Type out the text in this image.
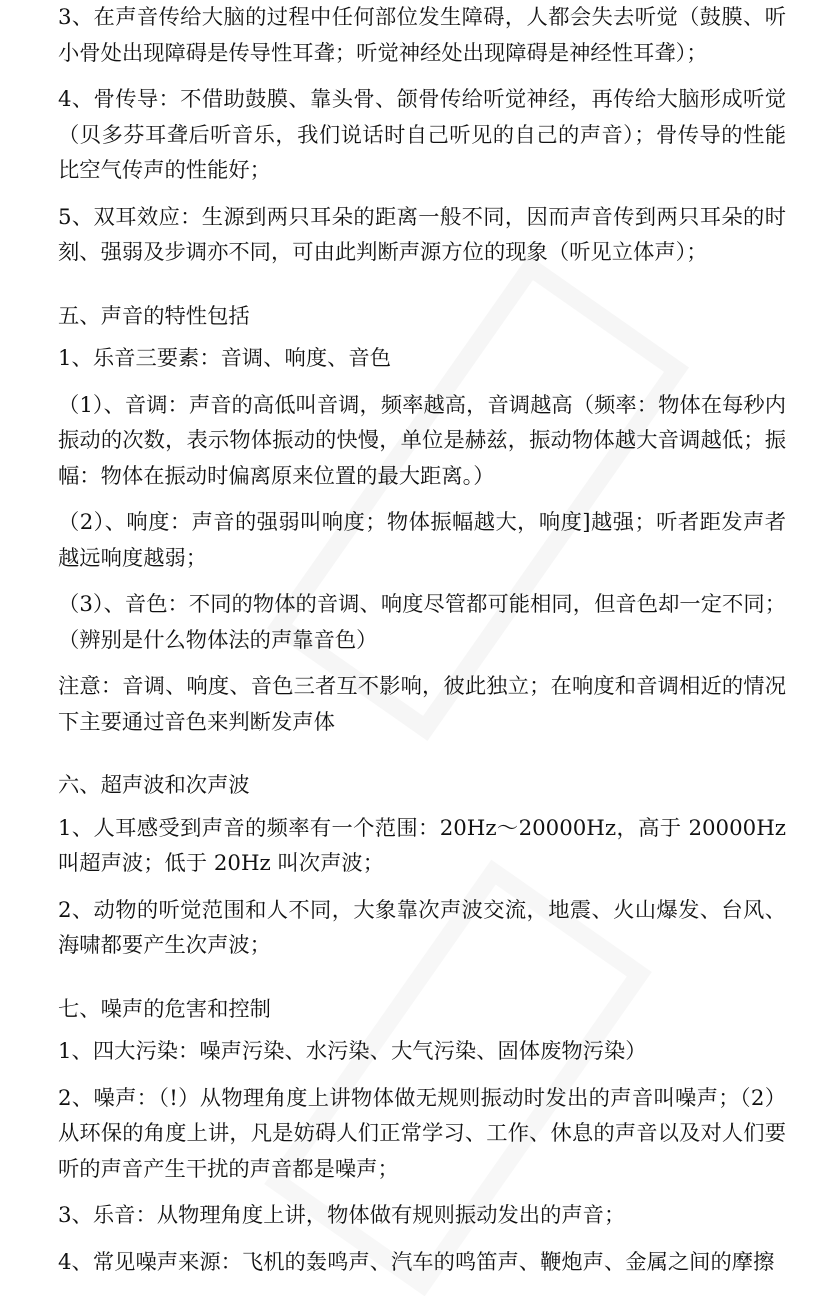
3、在声音传给大脑的过程中任何部位发生障碍，人都会失去听觉（鼓膜、听小骨处出现障碍是传导性耳聋；听觉神经处出现障碍是神经性耳聋）；

4、骨传导：不借助鼓膜、靠头骨、颌骨传给听觉神经，再传给大脑形成听觉（贝多芬耳聋后听音乐，我们说话时自己听见的自己的声音）；骨传导的性能比空气传声的性能好；

5、双耳效应：生源到两只耳朵的距离一般不同，因而声音传到两只耳朵的时刻、强弱及步调亦不同，可由此判断声源方位的现象（听见立体声）；

五、声音的特性包括

1、乐音三要素：音调、响度、音色

（1）、音调：声音的高低叫音调，频率越高，音调越高（频率：物体在每秒内振动的次数，表示物体振动的快慢，单位是赫兹，振动物体越大音调越低；振幅：物体在振动时偏离原来位置的最大距离。）

（2）、响度：声音的强弱叫响度；物体振幅越大，响度]越强；听者距发声者越远响度越弱；

（3）、音色：不同的物体的音调、响度尽管都可能相同，但音色却一定不同；（辨别是什么物体法的声靠音色）

注意：音调、响度、音色三者互不影响，彼此独立；在响度和音调相近的情况下主要通过音色来判断发声体

六、超声波和次声波

1、人耳感受到声音的频率有一个范围：20Hz～20000Hz，高于 20000Hz 叫超声波；低于 20Hz 叫次声波；

2、动物的听觉范围和人不同，大象靠次声波交流，地震、火山爆发、台风、海啸都要产生次声波；

七、噪声的危害和控制

1、四大污染：噪声污染、水污染、大气污染、固体废物污染）

2、噪声：（!）从物理角度上讲物体做无规则振动时发出的声音叫噪声；（2）从环保的角度上讲，凡是妨碍人们正常学习、工作、休息的声音以及对人们要听的声音产生干扰的声音都是噪声；

3、乐音：从物理角度上讲，物体做有规则振动发出的声音；

4、常见噪声来源：飞机的轰鸣声、汽车的鸣笛声、鞭炮声、金属之间的摩擦
